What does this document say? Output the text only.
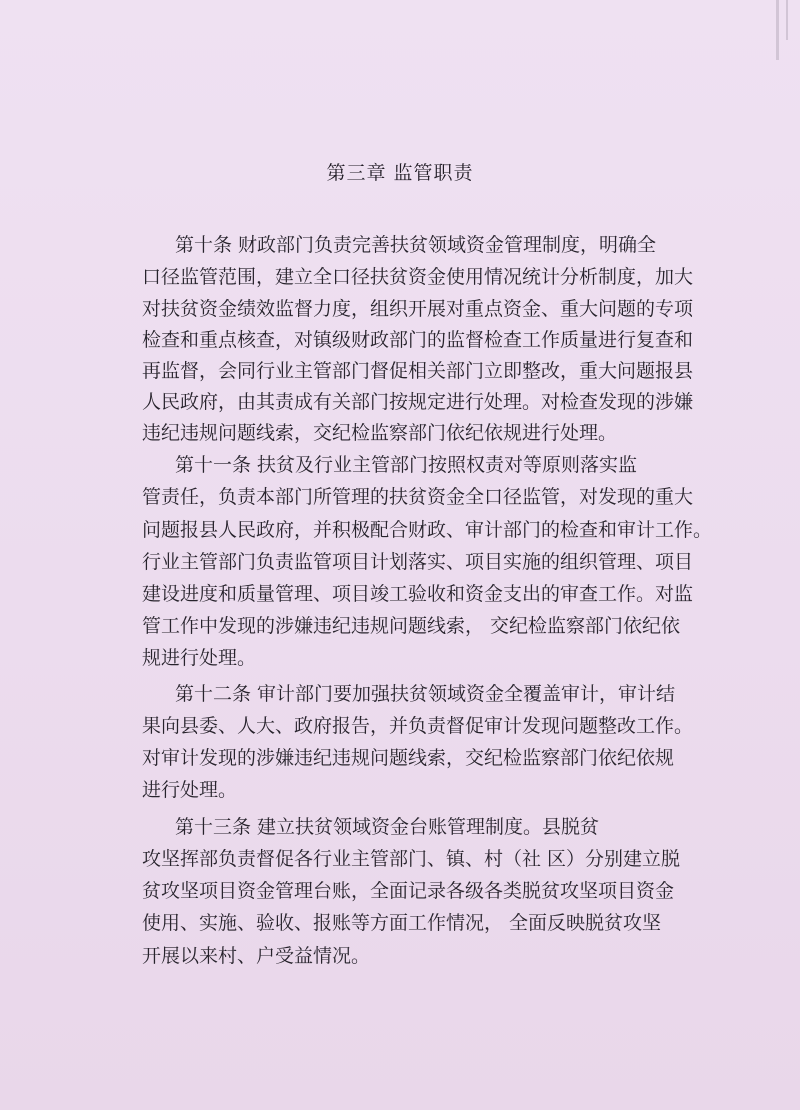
第三章 监管职责
第十条 财政部门负责完善扶贫领域资金管理制度，明确全
口径监管范围，建立全口径扶贫资金使用情况统计分析制度，加大
对扶贫资金绩效监督力度，组织开展对重点资金、重大问题的专项
检查和重点核查，对镇级财政部门的监督检查工作质量进行复查和
再监督，会同行业主管部门督促相关部门立即整改，重大问题报县
人民政府，由其责成有关部门按规定进行处理。对检查发现的涉嫌
违纪违规问题线索，交纪检监察部门依纪依规进行处理。
第十一条 扶贫及行业主管部门按照权责对等原则落实监
管责任，负责本部门所管理的扶贫资金全口径监管，对发现的重大
问题报县人民政府，并积极配合财政、审计部门的检查和审计工作。
行业主管部门负责监管项目计划落实、项目实施的组织管理、项目
建设进度和质量管理、项目竣工验收和资金支出的审查工作。对监
管工作中发现的涉嫌违纪违规问题线索， 交纪检监察部门依纪依
规进行处理。
第十二条 审计部门要加强扶贫领域资金全覆盖审计，审计结
果向县委、人大、政府报告，并负责督促审计发现问题整改工作。
对审计发现的涉嫌违纪违规问题线索，交纪检监察部门依纪依规
进行处理。
第十三条 建立扶贫领域资金台账管理制度。县脱贫
攻坚挥部负责督促各行业主管部门、镇、村（社 区）分别建立脱
贫攻坚项目资金管理台账，全面记录各级各类脱贫攻坚项目资金
使用、实施、验收、报账等方面工作情况， 全面反映脱贫攻坚
开展以来村、户受益情况。
